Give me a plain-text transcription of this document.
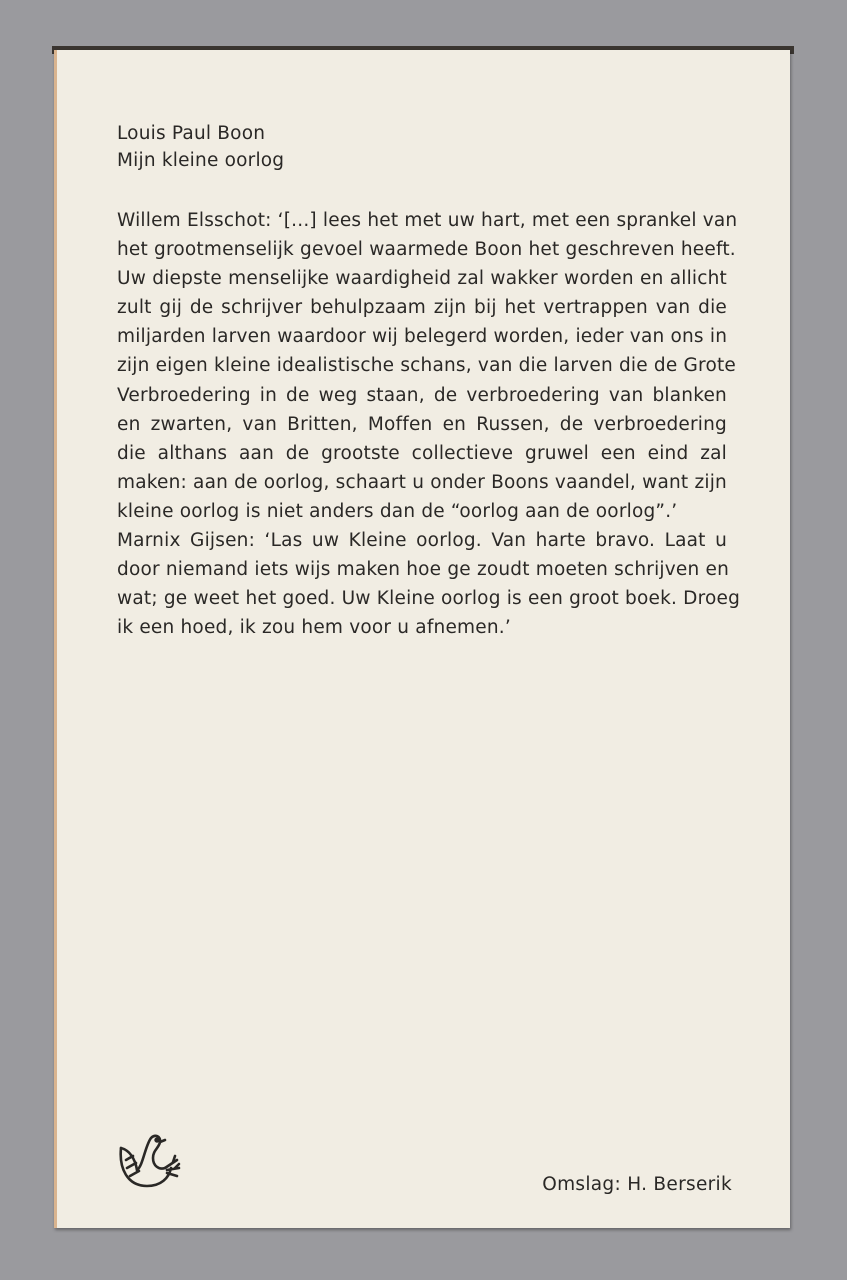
Louis Paul Boon
Mijn kleine oorlog
Willem Elsschot: ‘[...] lees het met uw hart, met een sprankel van
het grootmenselijk gevoel waarmede Boon het geschreven heeft.
Uw diepste menselijke waardigheid zal wakker worden en allicht
zult gij de schrijver behulpzaam zijn bij het vertrappen van die
miljarden larven waardoor wij belegerd worden, ieder van ons in
zijn eigen kleine idealistische schans, van die larven die de Grote
Verbroedering in de weg staan, de verbroedering van blanken
en zwarten, van Britten, Moffen en Russen, de verbroedering
die althans aan de grootste collectieve gruwel een eind zal
maken: aan de oorlog, schaart u onder Boons vaandel, want zijn
kleine oorlog is niet anders dan de “oorlog aan de oorlog”.’
Marnix Gijsen: ‘Las uw Kleine oorlog. Van harte bravo. Laat u
door niemand iets wijs maken hoe ge zoudt moeten schrijven en
wat; ge weet het goed. Uw Kleine oorlog is een groot boek. Droeg
ik een hoed, ik zou hem voor u afnemen.’
Omslag: H. Berserik
